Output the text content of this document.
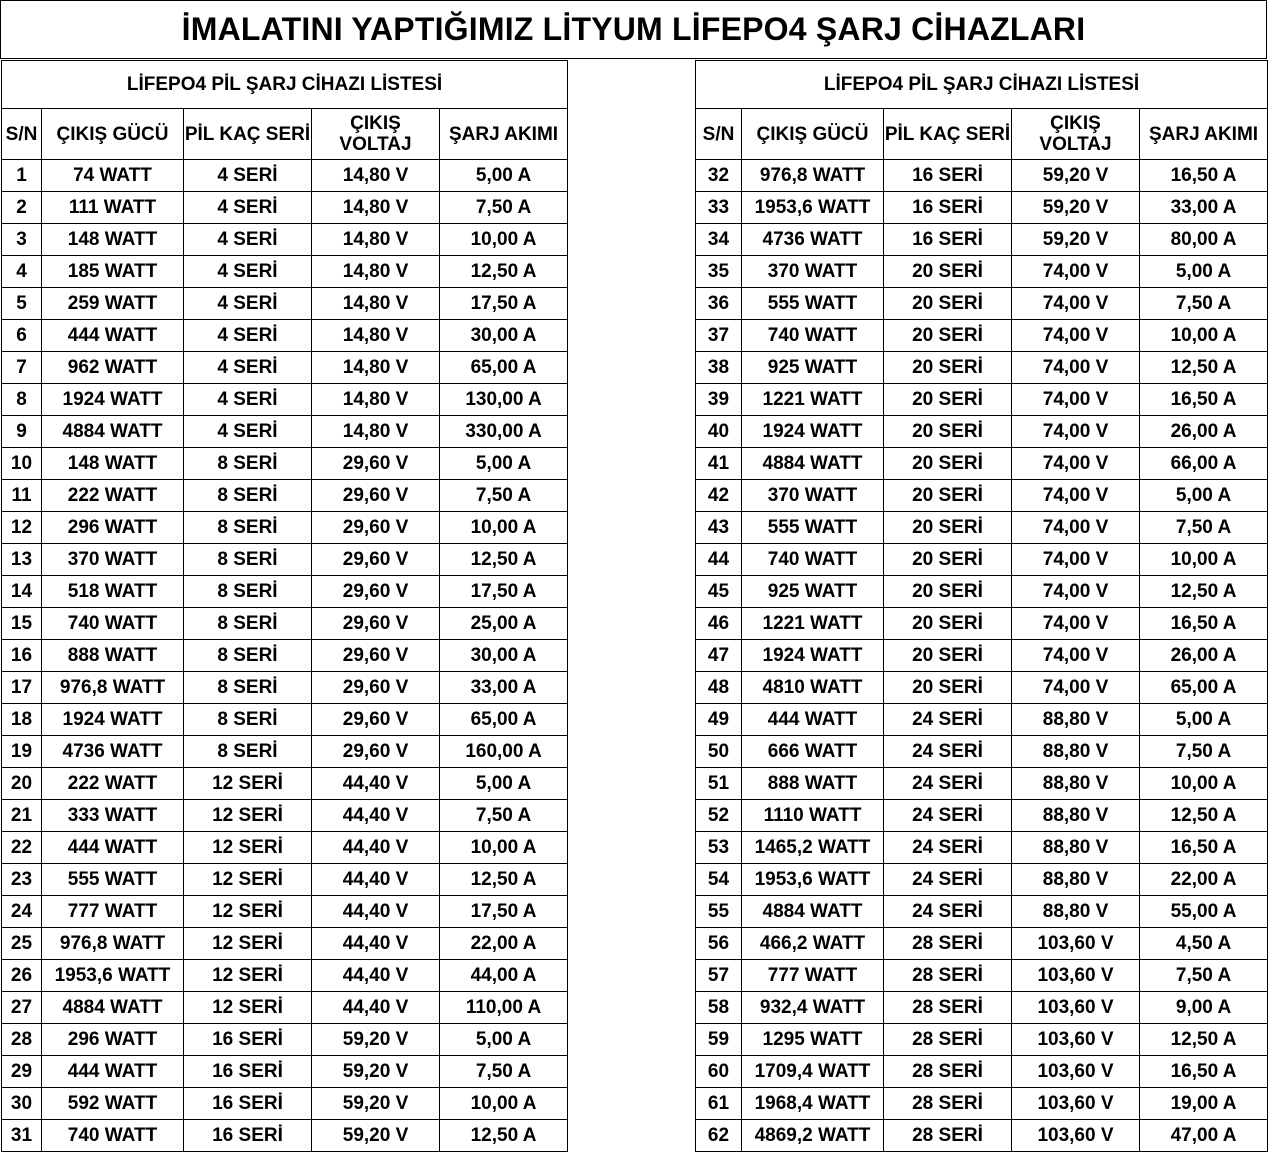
İMALATINI YAPTIĞIMIZ LİTYUM LİFEPO4 ŞARJ CİHAZLARI
LİFEPO4 PİL ŞARJ CİHAZI LİSTESİ				
S/N	ÇIKIŞ GÜCÜ	PİL KAÇ SERİ	ÇIKIŞ VOLTAJ	ŞARJ AKIMI
1	74 WATT	4 SERİ	14,80 V	5,00 A
2	111 WATT	4 SERİ	14,80 V	7,50 A
3	148 WATT	4 SERİ	14,80 V	10,00 A
4	185 WATT	4 SERİ	14,80 V	12,50 A
5	259 WATT	4 SERİ	14,80 V	17,50 A
6	444 WATT	4 SERİ	14,80 V	30,00 A
7	962 WATT	4 SERİ	14,80 V	65,00 A
8	1924 WATT	4 SERİ	14,80 V	130,00 A
9	4884 WATT	4 SERİ	14,80 V	330,00 A
10	148 WATT	8 SERİ	29,60 V	5,00 A
11	222 WATT	8 SERİ	29,60 V	7,50 A
12	296 WATT	8 SERİ	29,60 V	10,00 A
13	370 WATT	8 SERİ	29,60 V	12,50 A
14	518 WATT	8 SERİ	29,60 V	17,50 A
15	740 WATT	8 SERİ	29,60 V	25,00 A
16	888 WATT	8 SERİ	29,60 V	30,00 A
17	976,8 WATT	8 SERİ	29,60 V	33,00 A
18	1924 WATT	8 SERİ	29,60 V	65,00 A
19	4736 WATT	8 SERİ	29,60 V	160,00 A
20	222 WATT	12 SERİ	44,40 V	5,00 A
21	333 WATT	12 SERİ	44,40 V	7,50 A
22	444 WATT	12 SERİ	44,40 V	10,00 A
23	555 WATT	12 SERİ	44,40 V	12,50 A
24	777 WATT	12 SERİ	44,40 V	17,50 A
25	976,8 WATT	12 SERİ	44,40 V	22,00 A
26	1953,6 WATT	12 SERİ	44,40 V	44,00 A
27	4884 WATT	12 SERİ	44,40 V	110,00 A
28	296 WATT	16 SERİ	59,20 V	5,00 A
29	444 WATT	16 SERİ	59,20 V	7,50 A
30	592 WATT	16 SERİ	59,20 V	10,00 A
31	740 WATT	16 SERİ	59,20 V	12,50 A
LİFEPO4 PİL ŞARJ CİHAZI LİSTESİ				
S/N	ÇIKIŞ GÜCÜ	PİL KAÇ SERİ	ÇIKIŞ VOLTAJ	ŞARJ AKIMI
32	976,8 WATT	16 SERİ	59,20 V	16,50 A
33	1953,6 WATT	16 SERİ	59,20 V	33,00 A
34	4736 WATT	16 SERİ	59,20 V	80,00 A
35	370 WATT	20 SERİ	74,00 V	5,00 A
36	555 WATT	20 SERİ	74,00 V	7,50 A
37	740 WATT	20 SERİ	74,00 V	10,00 A
38	925 WATT	20 SERİ	74,00 V	12,50 A
39	1221 WATT	20 SERİ	74,00 V	16,50 A
40	1924 WATT	20 SERİ	74,00 V	26,00 A
41	4884 WATT	20 SERİ	74,00 V	66,00 A
42	370 WATT	20 SERİ	74,00 V	5,00 A
43	555 WATT	20 SERİ	74,00 V	7,50 A
44	740 WATT	20 SERİ	74,00 V	10,00 A
45	925 WATT	20 SERİ	74,00 V	12,50 A
46	1221 WATT	20 SERİ	74,00 V	16,50 A
47	1924 WATT	20 SERİ	74,00 V	26,00 A
48	4810 WATT	20 SERİ	74,00 V	65,00 A
49	444 WATT	24 SERİ	88,80 V	5,00 A
50	666 WATT	24 SERİ	88,80 V	7,50 A
51	888 WATT	24 SERİ	88,80 V	10,00 A
52	1110 WATT	24 SERİ	88,80 V	12,50 A
53	1465,2 WATT	24 SERİ	88,80 V	16,50 A
54	1953,6 WATT	24 SERİ	88,80 V	22,00 A
55	4884 WATT	24 SERİ	88,80 V	55,00 A
56	466,2 WATT	28 SERİ	103,60 V	4,50 A
57	777 WATT	28 SERİ	103,60 V	7,50 A
58	932,4 WATT	28 SERİ	103,60 V	9,00 A
59	1295 WATT	28 SERİ	103,60 V	12,50 A
60	1709,4 WATT	28 SERİ	103,60 V	16,50 A
61	1968,4 WATT	28 SERİ	103,60 V	19,00 A
62	4869,2 WATT	28 SERİ	103,60 V	47,00 A
